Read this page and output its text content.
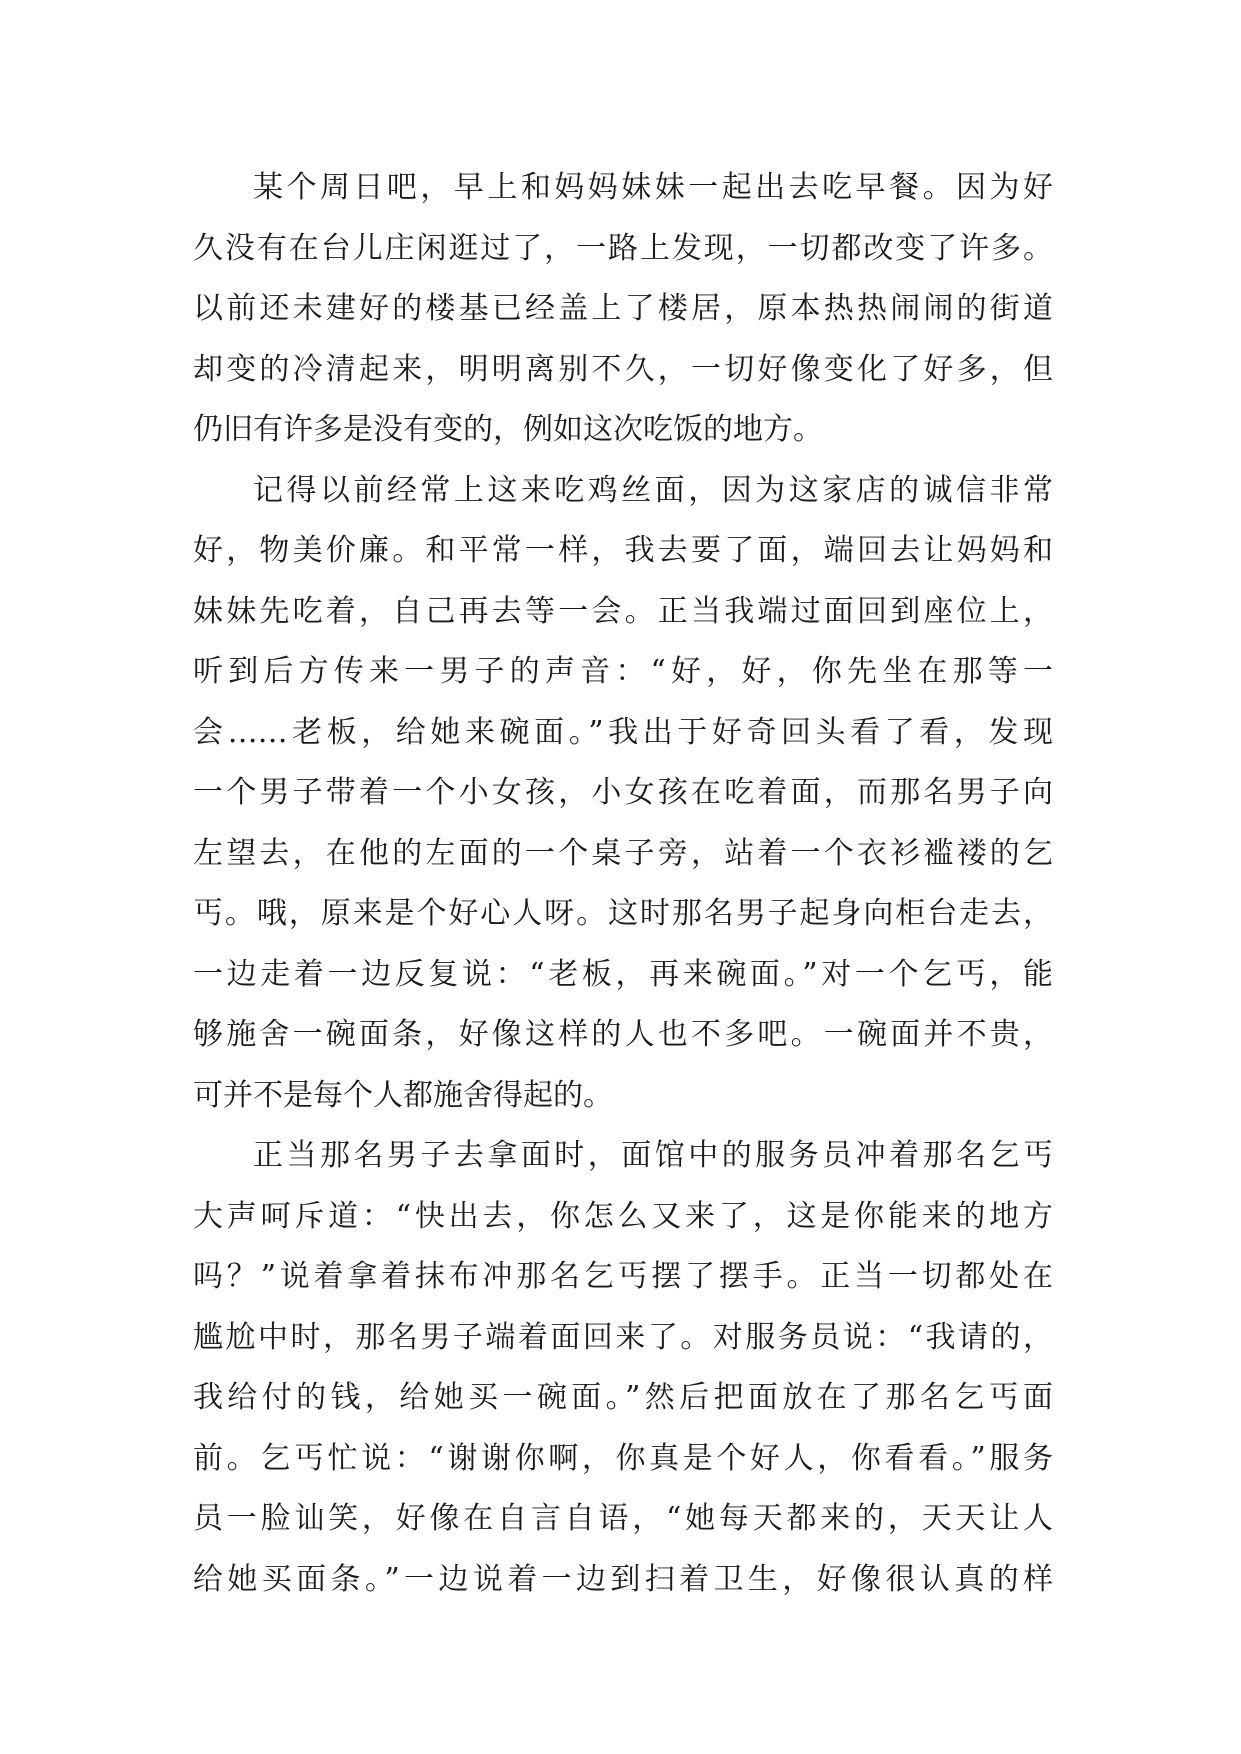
某个周日吧，早上和妈妈妹妹一起出去吃早餐。因为好
久没有在台儿庄闲逛过了，一路上发现，一切都改变了许多。
以前还未建好的楼基已经盖上了楼居，原本热热闹闹的街道
却变的冷清起来，明明离别不久，一切好像变化了好多，但
仍旧有许多是没有变的，例如这次吃饭的地方。
记得以前经常上这来吃鸡丝面，因为这家店的诚信非常
好，物美价廉。和平常一样，我去要了面，端回去让妈妈和
妹妹先吃着，自己再去等一会。正当我端过面回到座位上，
听到后方传来一男子的声音：“好，好，你先坐在那等一
会……老板，给她来碗面。”我出于好奇回头看了看，发现
一个男子带着一个小女孩，小女孩在吃着面，而那名男子向
左望去，在他的左面的一个桌子旁，站着一个衣衫褴褛的乞
丐。哦，原来是个好心人呀。这时那名男子起身向柜台走去，
一边走着一边反复说：“老板，再来碗面。”对一个乞丐，能
够施舍一碗面条，好像这样的人也不多吧。一碗面并不贵，
可并不是每个人都施舍得起的。
正当那名男子去拿面时，面馆中的服务员冲着那名乞丐
大声呵斥道：“快出去，你怎么又来了，这是你能来的地方
吗？”说着拿着抹布冲那名乞丐摆了摆手。正当一切都处在
尴尬中时，那名男子端着面回来了。对服务员说：“我请的，
我给付的钱，给她买一碗面。”然后把面放在了那名乞丐面
前。乞丐忙说：“谢谢你啊，你真是个好人，你看看。”服务
员一脸讪笑，好像在自言自语，“她每天都来的，天天让人
给她买面条。”一边说着一边到扫着卫生，好像很认真的样
